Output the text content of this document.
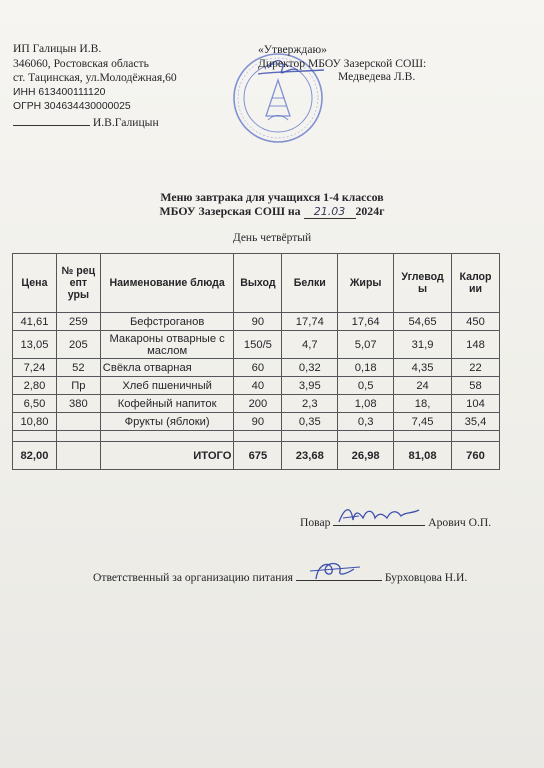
ИП Галицын И.В.
346060, Ростовская область
ст. Тацинская, ул.Молодёжная,60
ИНН 613400111120
ОГРН 304634430000025
И.В.Галицын
«Утверждаю»
Директор МБОУ Зазерской СОШ:
Медведева Л.В.
Меню завтрака для учащихся 1-4 классов
МБОУ Зазерская СОШ на 21.03 2024г
День четвёртый
Цена	№ рец епт уры	Наименование блюда	Выход	Белки	Жиры	Углевод ы	Калор ии
41,61	259	Бефстроганов	90	17,74	17,64	54,65	450
13,05	205	Макароны отварные с маслом	150/5	4,7	5,07	31,9	148
7,24	52	Свёкла отварная	60	0,32	0,18	4,35	22
2,80	Пр	Хлеб пшеничный	40	3,95	0,5	24	58
6,50	380	Кофейный напиток	200	2,3	1,08	18,	104
10,80		Фрукты (яблоки)	90	0,35	0,3	7,45	35,4

82,00		ИТОГО	675	23,68	26,98	81,08	760
Повар	Арович О.П.
Ответственный за организацию питания	Бурховцова Н.И.
